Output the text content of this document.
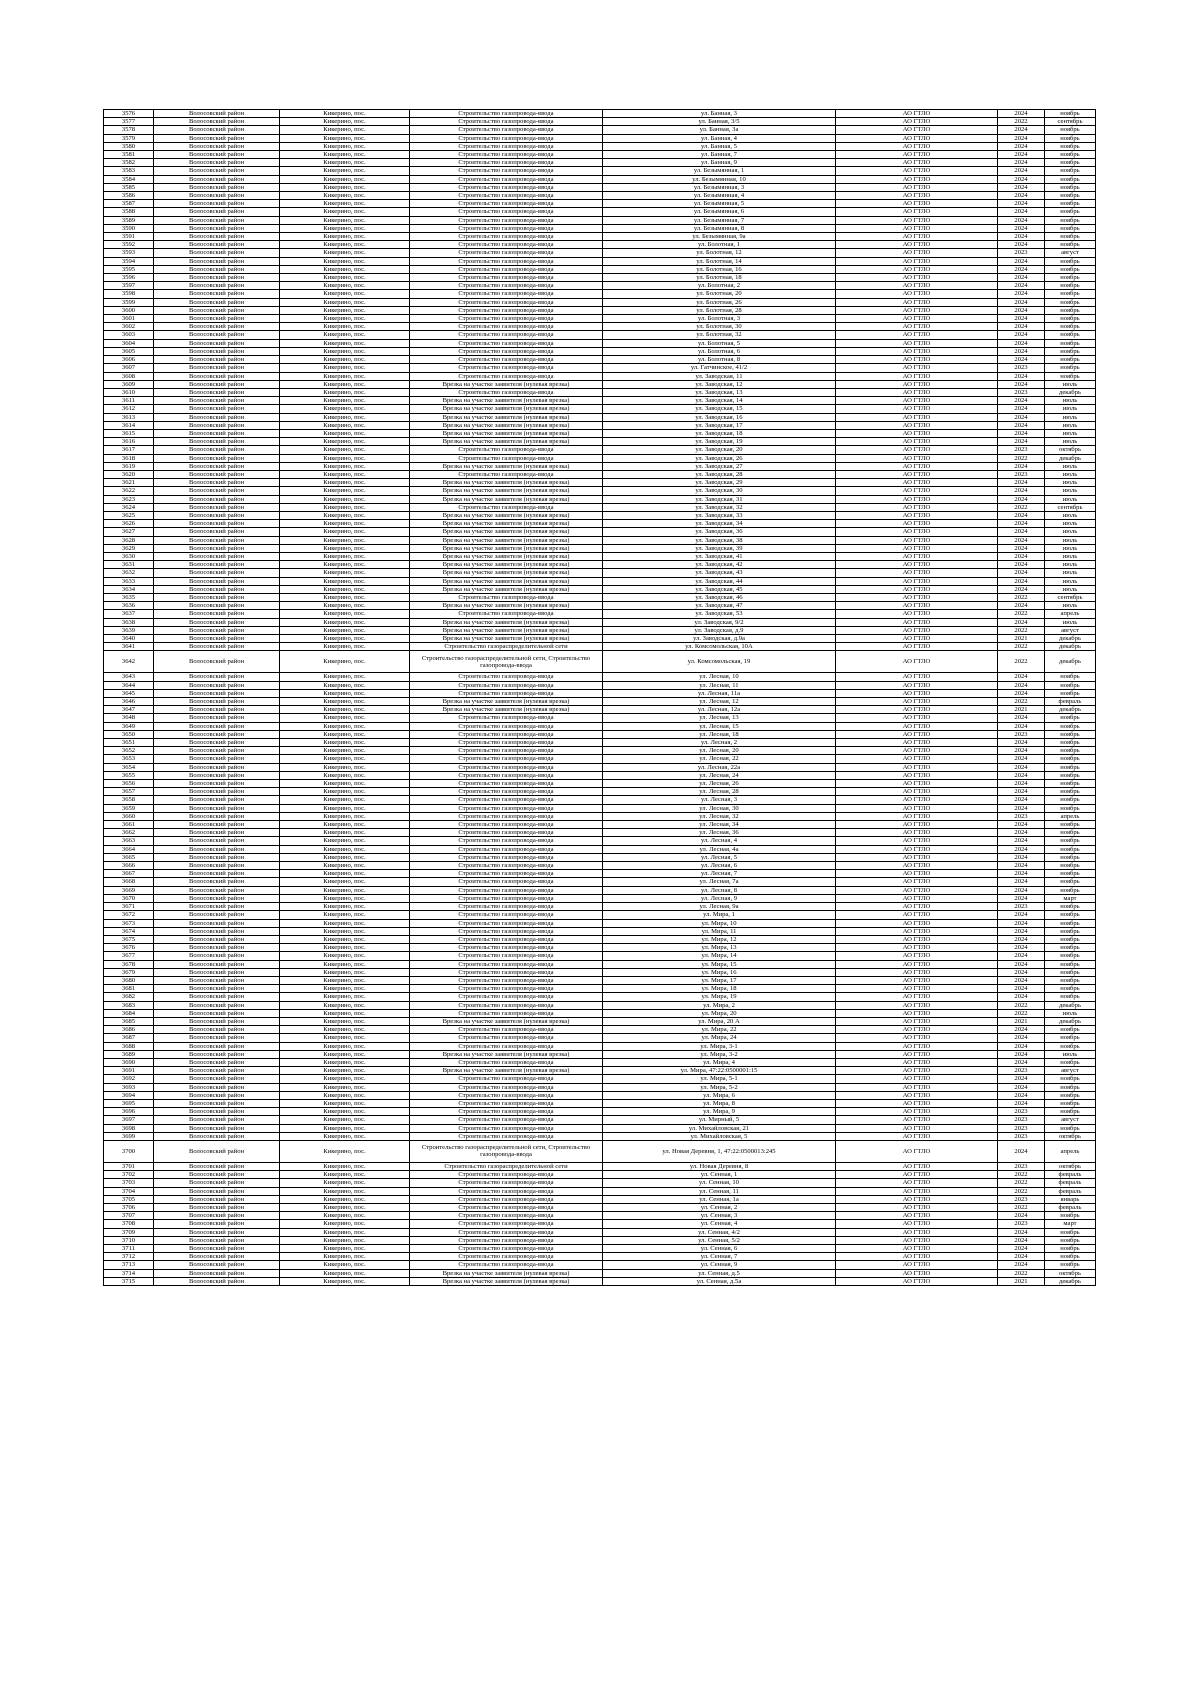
3576	Волосовский район	Кикерино, пос.	Строительство газопровода-ввода	ул. Банная, 3	АО ГТЛО	2024	ноябрь
3577	Волосовский район	Кикерино, пос.	Строительство газопровода-ввода	ул. Банная, 3/5	АО ГТЛО	2022	сентябрь
3578	Волосовский район	Кикерино, пос.	Строительство газопровода-ввода	ул. Банная, 3а	АО ГТЛО	2024	ноябрь
3579	Волосовский район	Кикерино, пос.	Строительство газопровода-ввода	ул. Банная, 4	АО ГТЛО	2024	ноябрь
3580	Волосовский район	Кикерино, пос.	Строительство газопровода-ввода	ул. Банная, 5	АО ГТЛО	2024	ноябрь
3581	Волосовский район	Кикерино, пос.	Строительство газопровода-ввода	ул. Банная, 7	АО ГТЛО	2024	ноябрь
3582	Волосовский район	Кикерино, пос.	Строительство газопровода-ввода	ул. Банная, 9	АО ГТЛО	2024	ноябрь
3583	Волосовский район	Кикерино, пос.	Строительство газопровода-ввода	ул. Безымянная, 1	АО ГТЛО	2024	ноябрь
3584	Волосовский район	Кикерино, пос.	Строительство газопровода-ввода	ул. Безымянная, 10	АО ГТЛО	2024	ноябрь
3585	Волосовский район	Кикерино, пос.	Строительство газопровода-ввода	ул. Безымянная, 3	АО ГТЛО	2024	ноябрь
3586	Волосовский район	Кикерино, пос.	Строительство газопровода-ввода	ул. Безымянная, 4	АО ГТЛО	2024	ноябрь
3587	Волосовский район	Кикерино, пос.	Строительство газопровода-ввода	ул. Безымянная, 5	АО ГТЛО	2024	ноябрь
3588	Волосовский район	Кикерино, пос.	Строительство газопровода-ввода	ул. Безымянная, 6	АО ГТЛО	2024	ноябрь
3589	Волосовский район	Кикерино, пос.	Строительство газопровода-ввода	ул. Безымянная, 7	АО ГТЛО	2024	ноябрь
3590	Волосовский район	Кикерино, пос.	Строительство газопровода-ввода	ул. Безымянная, 8	АО ГТЛО	2024	ноябрь
3591	Волосовский район	Кикерино, пос.	Строительство газопровода-ввода	ул. Безымянная, 9а	АО ГТЛО	2024	ноябрь
3592	Волосовский район	Кикерино, пос.	Строительство газопровода-ввода	ул. Болотная, 1	АО ГТЛО	2024	ноябрь
3593	Волосовский район	Кикерино, пос.	Строительство газопровода-ввода	ул. Болотная, 12	АО ГТЛО	2023	август
3594	Волосовский район	Кикерино, пос.	Строительство газопровода-ввода	ул. Болотная, 14	АО ГТЛО	2024	ноябрь
3595	Волосовский район	Кикерино, пос.	Строительство газопровода-ввода	ул. Болотная, 16	АО ГТЛО	2024	ноябрь
3596	Волосовский район	Кикерино, пос.	Строительство газопровода-ввода	ул. Болотная, 18	АО ГТЛО	2024	ноябрь
3597	Волосовский район	Кикерино, пос.	Строительство газопровода-ввода	ул. Болотная, 2	АО ГТЛО	2024	ноябрь
3598	Волосовский район	Кикерино, пос.	Строительство газопровода-ввода	ул. Болотная, 20	АО ГТЛО	2024	ноябрь
3599	Волосовский район	Кикерино, пос.	Строительство газопровода-ввода	ул. Болотная, 26	АО ГТЛО	2024	ноябрь
3600	Волосовский район	Кикерино, пос.	Строительство газопровода-ввода	ул. Болотная, 28	АО ГТЛО	2024	ноябрь
3601	Волосовский район	Кикерино, пос.	Строительство газопровода-ввода	ул. Болотная, 3	АО ГТЛО	2024	ноябрь
3602	Волосовский район	Кикерино, пос.	Строительство газопровода-ввода	ул. Болотная, 30	АО ГТЛО	2024	ноябрь
3603	Волосовский район	Кикерино, пос.	Строительство газопровода-ввода	ул. Болотная, 32	АО ГТЛО	2024	ноябрь
3604	Волосовский район	Кикерино, пос.	Строительство газопровода-ввода	ул. Болотная, 5	АО ГТЛО	2024	ноябрь
3605	Волосовский район	Кикерино, пос.	Строительство газопровода-ввода	ул. Болотная, 6	АО ГТЛО	2024	ноябрь
3606	Волосовский район	Кикерино, пос.	Строительство газопровода-ввода	ул. Болотная, 8	АО ГТЛО	2024	ноябрь
3607	Волосовский район	Кикерино, пос.	Строительство газопровода-ввода	ул. Гатчинское, 41/2	АО ГТЛО	2023	ноябрь
3608	Волосовский район	Кикерино, пос.	Строительство газопровода-ввода	ул. Заводская, 11	АО ГТЛО	2024	ноябрь
3609	Волосовский район	Кикерино, пос.	Врезка на участке заявителя (нулевая врезка)	ул. Заводская, 12	АО ГТЛО	2024	июль
3610	Волосовский район	Кикерино, пос.	Строительство газопровода-ввода	ул. Заводская, 13	АО ГТЛО	2023	декабрь
3611	Волосовский район	Кикерино, пос.	Врезка на участке заявителя (нулевая врезка)	ул. Заводская, 14	АО ГТЛО	2024	июль
3612	Волосовский район	Кикерино, пос.	Врезка на участке заявителя (нулевая врезка)	ул. Заводская, 15	АО ГТЛО	2024	июль
3613	Волосовский район	Кикерино, пос.	Врезка на участке заявителя (нулевая врезка)	ул. Заводская, 16	АО ГТЛО	2024	июль
3614	Волосовский район	Кикерино, пос.	Врезка на участке заявителя (нулевая врезка)	ул. Заводская, 17	АО ГТЛО	2024	июль
3615	Волосовский район	Кикерино, пос.	Врезка на участке заявителя (нулевая врезка)	ул. Заводская, 18	АО ГТЛО	2024	июль
3616	Волосовский район	Кикерино, пос.	Врезка на участке заявителя (нулевая врезка)	ул. Заводская, 19	АО ГТЛО	2024	июль
3617	Волосовский район	Кикерино, пос.	Строительство газопровода-ввода	ул. Заводская, 20	АО ГТЛО	2023	октябрь
3618	Волосовский район	Кикерино, пос.	Строительство газопровода-ввода	ул. Заводская, 26	АО ГТЛО	2022	декабрь
3619	Волосовский район	Кикерино, пос.	Врезка на участке заявителя (нулевая врезка)	ул. Заводская, 27	АО ГТЛО	2024	июль
3620	Волосовский район	Кикерино, пос.	Строительство газопровода-ввода	ул. Заводская, 28	АО ГТЛО	2023	июль
3621	Волосовский район	Кикерино, пос.	Врезка на участке заявителя (нулевая врезка)	ул. Заводская, 29	АО ГТЛО	2024	июль
3622	Волосовский район	Кикерино, пос.	Врезка на участке заявителя (нулевая врезка)	ул. Заводская, 30	АО ГТЛО	2024	июль
3623	Волосовский район	Кикерино, пос.	Врезка на участке заявителя (нулевая врезка)	ул. Заводская, 31	АО ГТЛО	2024	июль
3624	Волосовский район	Кикерино, пос.	Строительство газопровода-ввода	ул. Заводская, 32	АО ГТЛО	2022	сентябрь
3625	Волосовский район	Кикерино, пос.	Врезка на участке заявителя (нулевая врезка)	ул. Заводская, 33	АО ГТЛО	2024	июль
3626	Волосовский район	Кикерино, пос.	Врезка на участке заявителя (нулевая врезка)	ул. Заводская, 34	АО ГТЛО	2024	июль
3627	Волосовский район	Кикерино, пос.	Врезка на участке заявителя (нулевая врезка)	ул. Заводская, 36	АО ГТЛО	2024	июль
3628	Волосовский район	Кикерино, пос.	Врезка на участке заявителя (нулевая врезка)	ул. Заводская, 38	АО ГТЛО	2024	июль
3629	Волосовский район	Кикерино, пос.	Врезка на участке заявителя (нулевая врезка)	ул. Заводская, 39	АО ГТЛО	2024	июль
3630	Волосовский район	Кикерино, пос.	Врезка на участке заявителя (нулевая врезка)	ул. Заводская, 41	АО ГТЛО	2024	июль
3631	Волосовский район	Кикерино, пос.	Врезка на участке заявителя (нулевая врезка)	ул. Заводская, 42	АО ГТЛО	2024	июль
3632	Волосовский район	Кикерино, пос.	Врезка на участке заявителя (нулевая врезка)	ул. Заводская, 43	АО ГТЛО	2024	июль
3633	Волосовский район	Кикерино, пос.	Врезка на участке заявителя (нулевая врезка)	ул. Заводская, 44	АО ГТЛО	2024	июль
3634	Волосовский район	Кикерино, пос.	Врезка на участке заявителя (нулевая врезка)	ул. Заводская, 45	АО ГТЛО	2024	июль
3635	Волосовский район	Кикерино, пос.	Строительство газопровода-ввода	ул. Заводская, 46	АО ГТЛО	2022	сентябрь
3636	Волосовский район	Кикерино, пос.	Врезка на участке заявителя (нулевая врезка)	ул. Заводская, 47	АО ГТЛО	2024	июль
3637	Волосовский район	Кикерино, пос.	Строительство газопровода-ввода	ул. Заводская, 53	АО ГТЛО	2022	апрель
3638	Волосовский район	Кикерино, пос.	Врезка на участке заявителя (нулевая врезка)	ул. Заводская, 9/2	АО ГТЛО	2024	июль
3639	Волосовский район	Кикерино, пос.	Врезка на участке заявителя (нулевая врезка)	ул. Заводская, д.9	АО ГТЛО	2022	август
3640	Волосовский район	Кикерино, пос.	Врезка на участке заявителя (нулевая врезка)	ул. Заводская, д.9а	АО ГТЛО	2021	декабрь
3641	Волосовский район	Кикерино, пос.	Строительство газораспределительной сети	ул. Комсомольская, 10А	АО ГТЛО	2022	декабрь
3642	Волосовский район	Кикерино, пос.	Строительство газораспределительной сети, Строительство газопровода-ввода	ул. Комсомольская, 19	АО ГТЛО	2022	декабрь
3643	Волосовский район	Кикерино, пос.	Строительство газопровода-ввода	ул. Лесная, 10	АО ГТЛО	2024	ноябрь
3644	Волосовский район	Кикерино, пос.	Строительство газопровода-ввода	ул. Лесная, 11	АО ГТЛО	2024	ноябрь
3645	Волосовский район	Кикерино, пос.	Строительство газопровода-ввода	ул. Лесная, 11а	АО ГТЛО	2024	ноябрь
3646	Волосовский район	Кикерино, пос.	Врезка на участке заявителя (нулевая врезка)	ул. Лесная, 12	АО ГТЛО	2022	февраль
3647	Волосовский район	Кикерино, пос.	Врезка на участке заявителя (нулевая врезка)	ул. Лесная, 12а	АО ГТЛО	2021	декабрь
3648	Волосовский район	Кикерино, пос.	Строительство газопровода-ввода	ул. Лесная, 13	АО ГТЛО	2024	ноябрь
3649	Волосовский район	Кикерино, пос.	Строительство газопровода-ввода	ул. Лесная, 15	АО ГТЛО	2024	ноябрь
3650	Волосовский район	Кикерино, пос.	Строительство газопровода-ввода	ул. Лесная, 18	АО ГТЛО	2023	ноябрь
3651	Волосовский район	Кикерино, пос.	Строительство газопровода-ввода	ул. Лесная, 2	АО ГТЛО	2024	ноябрь
3652	Волосовский район	Кикерино, пос.	Строительство газопровода-ввода	ул. Лесная, 20	АО ГТЛО	2024	ноябрь
3653	Волосовский район	Кикерино, пос.	Строительство газопровода-ввода	ул. Лесная, 22	АО ГТЛО	2024	ноябрь
3654	Волосовский район	Кикерино, пос.	Строительство газопровода-ввода	ул. Лесная, 22а	АО ГТЛО	2024	ноябрь
3655	Волосовский район	Кикерино, пос.	Строительство газопровода-ввода	ул. Лесная, 24	АО ГТЛО	2024	ноябрь
3656	Волосовский район	Кикерино, пос.	Строительство газопровода-ввода	ул. Лесная, 26	АО ГТЛО	2024	ноябрь
3657	Волосовский район	Кикерино, пос.	Строительство газопровода-ввода	ул. Лесная, 28	АО ГТЛО	2024	ноябрь
3658	Волосовский район	Кикерино, пос.	Строительство газопровода-ввода	ул. Лесная, 3	АО ГТЛО	2024	ноябрь
3659	Волосовский район	Кикерино, пос.	Строительство газопровода-ввода	ул. Лесная, 30	АО ГТЛО	2024	ноябрь
3660	Волосовский район	Кикерино, пос.	Строительство газопровода-ввода	ул. Лесная, 32	АО ГТЛО	2023	апрель
3661	Волосовский район	Кикерино, пос.	Строительство газопровода-ввода	ул. Лесная, 34	АО ГТЛО	2024	ноябрь
3662	Волосовский район	Кикерино, пос.	Строительство газопровода-ввода	ул. Лесная, 36	АО ГТЛО	2024	ноябрь
3663	Волосовский район	Кикерино, пос.	Строительство газопровода-ввода	ул. Лесная, 4	АО ГТЛО	2024	ноябрь
3664	Волосовский район	Кикерино, пос.	Строительство газопровода-ввода	ул. Лесная, 4а	АО ГТЛО	2024	ноябрь
3665	Волосовский район	Кикерино, пос.	Строительство газопровода-ввода	ул. Лесная, 5	АО ГТЛО	2024	ноябрь
3666	Волосовский район	Кикерино, пос.	Строительство газопровода-ввода	ул. Лесная, 6	АО ГТЛО	2024	ноябрь
3667	Волосовский район	Кикерино, пос.	Строительство газопровода-ввода	ул. Лесная, 7	АО ГТЛО	2024	ноябрь
3668	Волосовский район	Кикерино, пос.	Строительство газопровода-ввода	ул. Лесная, 7а	АО ГТЛО	2024	ноябрь
3669	Волосовский район	Кикерино, пос.	Строительство газопровода-ввода	ул. Лесная, 8	АО ГТЛО	2024	ноябрь
3670	Волосовский район	Кикерино, пос.	Строительство газопровода-ввода	ул. Лесная, 9	АО ГТЛО	2024	март
3671	Волосовский район	Кикерино, пос.	Строительство газопровода-ввода	ул. Лесная, 9а	АО ГТЛО	2023	ноябрь
3672	Волосовский район	Кикерино, пос.	Строительство газопровода-ввода	ул. Мира, 1	АО ГТЛО	2024	ноябрь
3673	Волосовский район	Кикерино, пос.	Строительство газопровода-ввода	ул. Мира, 10	АО ГТЛО	2024	ноябрь
3674	Волосовский район	Кикерино, пос.	Строительство газопровода-ввода	ул. Мира, 11	АО ГТЛО	2024	ноябрь
3675	Волосовский район	Кикерино, пос.	Строительство газопровода-ввода	ул. Мира, 12	АО ГТЛО	2024	ноябрь
3676	Волосовский район	Кикерино, пос.	Строительство газопровода-ввода	ул. Мира, 13	АО ГТЛО	2024	ноябрь
3677	Волосовский район	Кикерино, пос.	Строительство газопровода-ввода	ул. Мира, 14	АО ГТЛО	2024	ноябрь
3678	Волосовский район	Кикерино, пос.	Строительство газопровода-ввода	ул. Мира, 15	АО ГТЛО	2024	ноябрь
3679	Волосовский район	Кикерино, пос.	Строительство газопровода-ввода	ул. Мира, 16	АО ГТЛО	2024	ноябрь
3680	Волосовский район	Кикерино, пос.	Строительство газопровода-ввода	ул. Мира, 17	АО ГТЛО	2024	ноябрь
3681	Волосовский район	Кикерино, пос.	Строительство газопровода-ввода	ул. Мира, 18	АО ГТЛО	2024	ноябрь
3682	Волосовский район	Кикерино, пос.	Строительство газопровода-ввода	ул. Мира, 19	АО ГТЛО	2024	ноябрь
3683	Волосовский район	Кикерино, пос.	Строительство газопровода-ввода	ул. Мира, 2	АО ГТЛО	2022	декабрь
3684	Волосовский район	Кикерино, пос.	Строительство газопровода-ввода	ул. Мира, 20	АО ГТЛО	2022	июль
3685	Волосовский район	Кикерино, пос.	Врезка на участке заявителя (нулевая врезка)	ул. Мира, 20 А	АО ГТЛО	2021	декабрь
3686	Волосовский район	Кикерино, пос.	Строительство газопровода-ввода	ул. Мира, 22	АО ГТЛО	2024	ноябрь
3687	Волосовский район	Кикерино, пос.	Строительство газопровода-ввода	ул. Мира, 24	АО ГТЛО	2024	ноябрь
3688	Волосовский район	Кикерино, пос.	Строительство газопровода-ввода	ул. Мира, 3-1	АО ГТЛО	2024	ноябрь
3689	Волосовский район	Кикерино, пос.	Врезка на участке заявителя (нулевая врезка)	ул. Мира, 3-2	АО ГТЛО	2024	июль
3690	Волосовский район	Кикерино, пос.	Строительство газопровода-ввода	ул. Мира, 4	АО ГТЛО	2024	ноябрь
3691	Волосовский район	Кикерино, пос.	Врезка на участке заявителя (нулевая врезка)	ул. Мира, 47:22:0500001:15	АО ГТЛО	2023	август
3692	Волосовский район	Кикерино, пос.	Строительство газопровода-ввода	ул. Мира, 5-1	АО ГТЛО	2024	ноябрь
3693	Волосовский район	Кикерино, пос.	Строительство газопровода-ввода	ул. Мира, 5-2	АО ГТЛО	2024	ноябрь
3694	Волосовский район	Кикерино, пос.	Строительство газопровода-ввода	ул. Мира, 6	АО ГТЛО	2024	ноябрь
3695	Волосовский район	Кикерино, пос.	Строительство газопровода-ввода	ул. Мира, 8	АО ГТЛО	2024	ноябрь
3696	Волосовский район	Кикерино, пос.	Строительство газопровода-ввода	ул. Мира, 9	АО ГТЛО	2023	ноябрь
3697	Волосовский район	Кикерино, пос.	Строительство газопровода-ввода	ул. Мирный, 5	АО ГТЛО	2023	август
3698	Волосовский район	Кикерино, пос.	Строительство газопровода-ввода	ул. Михайловская, 21	АО ГТЛО	2023	ноябрь
3699	Волосовский район	Кикерино, пос.	Строительство газопровода-ввода	ул. Михайловская, 5	АО ГТЛО	2023	октябрь
3700	Волосовский район	Кикерино, пос.	Строительство газораспределительной сети, Строительство газопровода-ввода	ул. Новая Деревня, 1, 47:22:0500013:245	АО ГТЛО	2024	апрель
3701	Волосовский район	Кикерино, пос.	Строительство газораспределительной сети	ул. Новая Деревня, 8	АО ГТЛО	2023	октябрь
3702	Волосовский район	Кикерино, пос.	Строительство газопровода-ввода	ул. Сенная, 1	АО ГТЛО	2022	февраль
3703	Волосовский район	Кикерино, пос.	Строительство газопровода-ввода	ул. Сенная, 10	АО ГТЛО	2022	февраль
3704	Волосовский район	Кикерино, пос.	Строительство газопровода-ввода	ул. Сенная, 11	АО ГТЛО	2022	февраль
3705	Волосовский район	Кикерино, пос.	Строительство газопровода-ввода	ул. Сенная, 1а	АО ГТЛО	2023	январь
3706	Волосовский район	Кикерино, пос.	Строительство газопровода-ввода	ул. Сенная, 2	АО ГТЛО	2022	февраль
3707	Волосовский район	Кикерино, пос.	Строительство газопровода-ввода	ул. Сенная, 3	АО ГТЛО	2024	ноябрь
3708	Волосовский район	Кикерино, пос.	Строительство газопровода-ввода	ул. Сенная, 4	АО ГТЛО	2023	март
3709	Волосовский район	Кикерино, пос.	Строительство газопровода-ввода	ул. Сенная, 4/2	АО ГТЛО	2024	ноябрь
3710	Волосовский район	Кикерино, пос.	Строительство газопровода-ввода	ул. Сенная, 5/2	АО ГТЛО	2024	ноябрь
3711	Волосовский район	Кикерино, пос.	Строительство газопровода-ввода	ул. Сенная, 6	АО ГТЛО	2024	ноябрь
3712	Волосовский район	Кикерино, пос.	Строительство газопровода-ввода	ул. Сенная, 7	АО ГТЛО	2024	ноябрь
3713	Волосовский район	Кикерино, пос.	Строительство газопровода-ввода	ул. Сенная, 9	АО ГТЛО	2024	ноябрь
3714	Волосовский район	Кикерино, пос.	Врезка на участке заявителя (нулевая врезка)	ул. Сенная, д.5	АО ГТЛО	2022	октябрь
3715	Волосовский район	Кикерино, пос.	Врезка на участке заявителя (нулевая врезка)	ул. Сенная, д.5а	АО ГТЛО	2021	декабрь
